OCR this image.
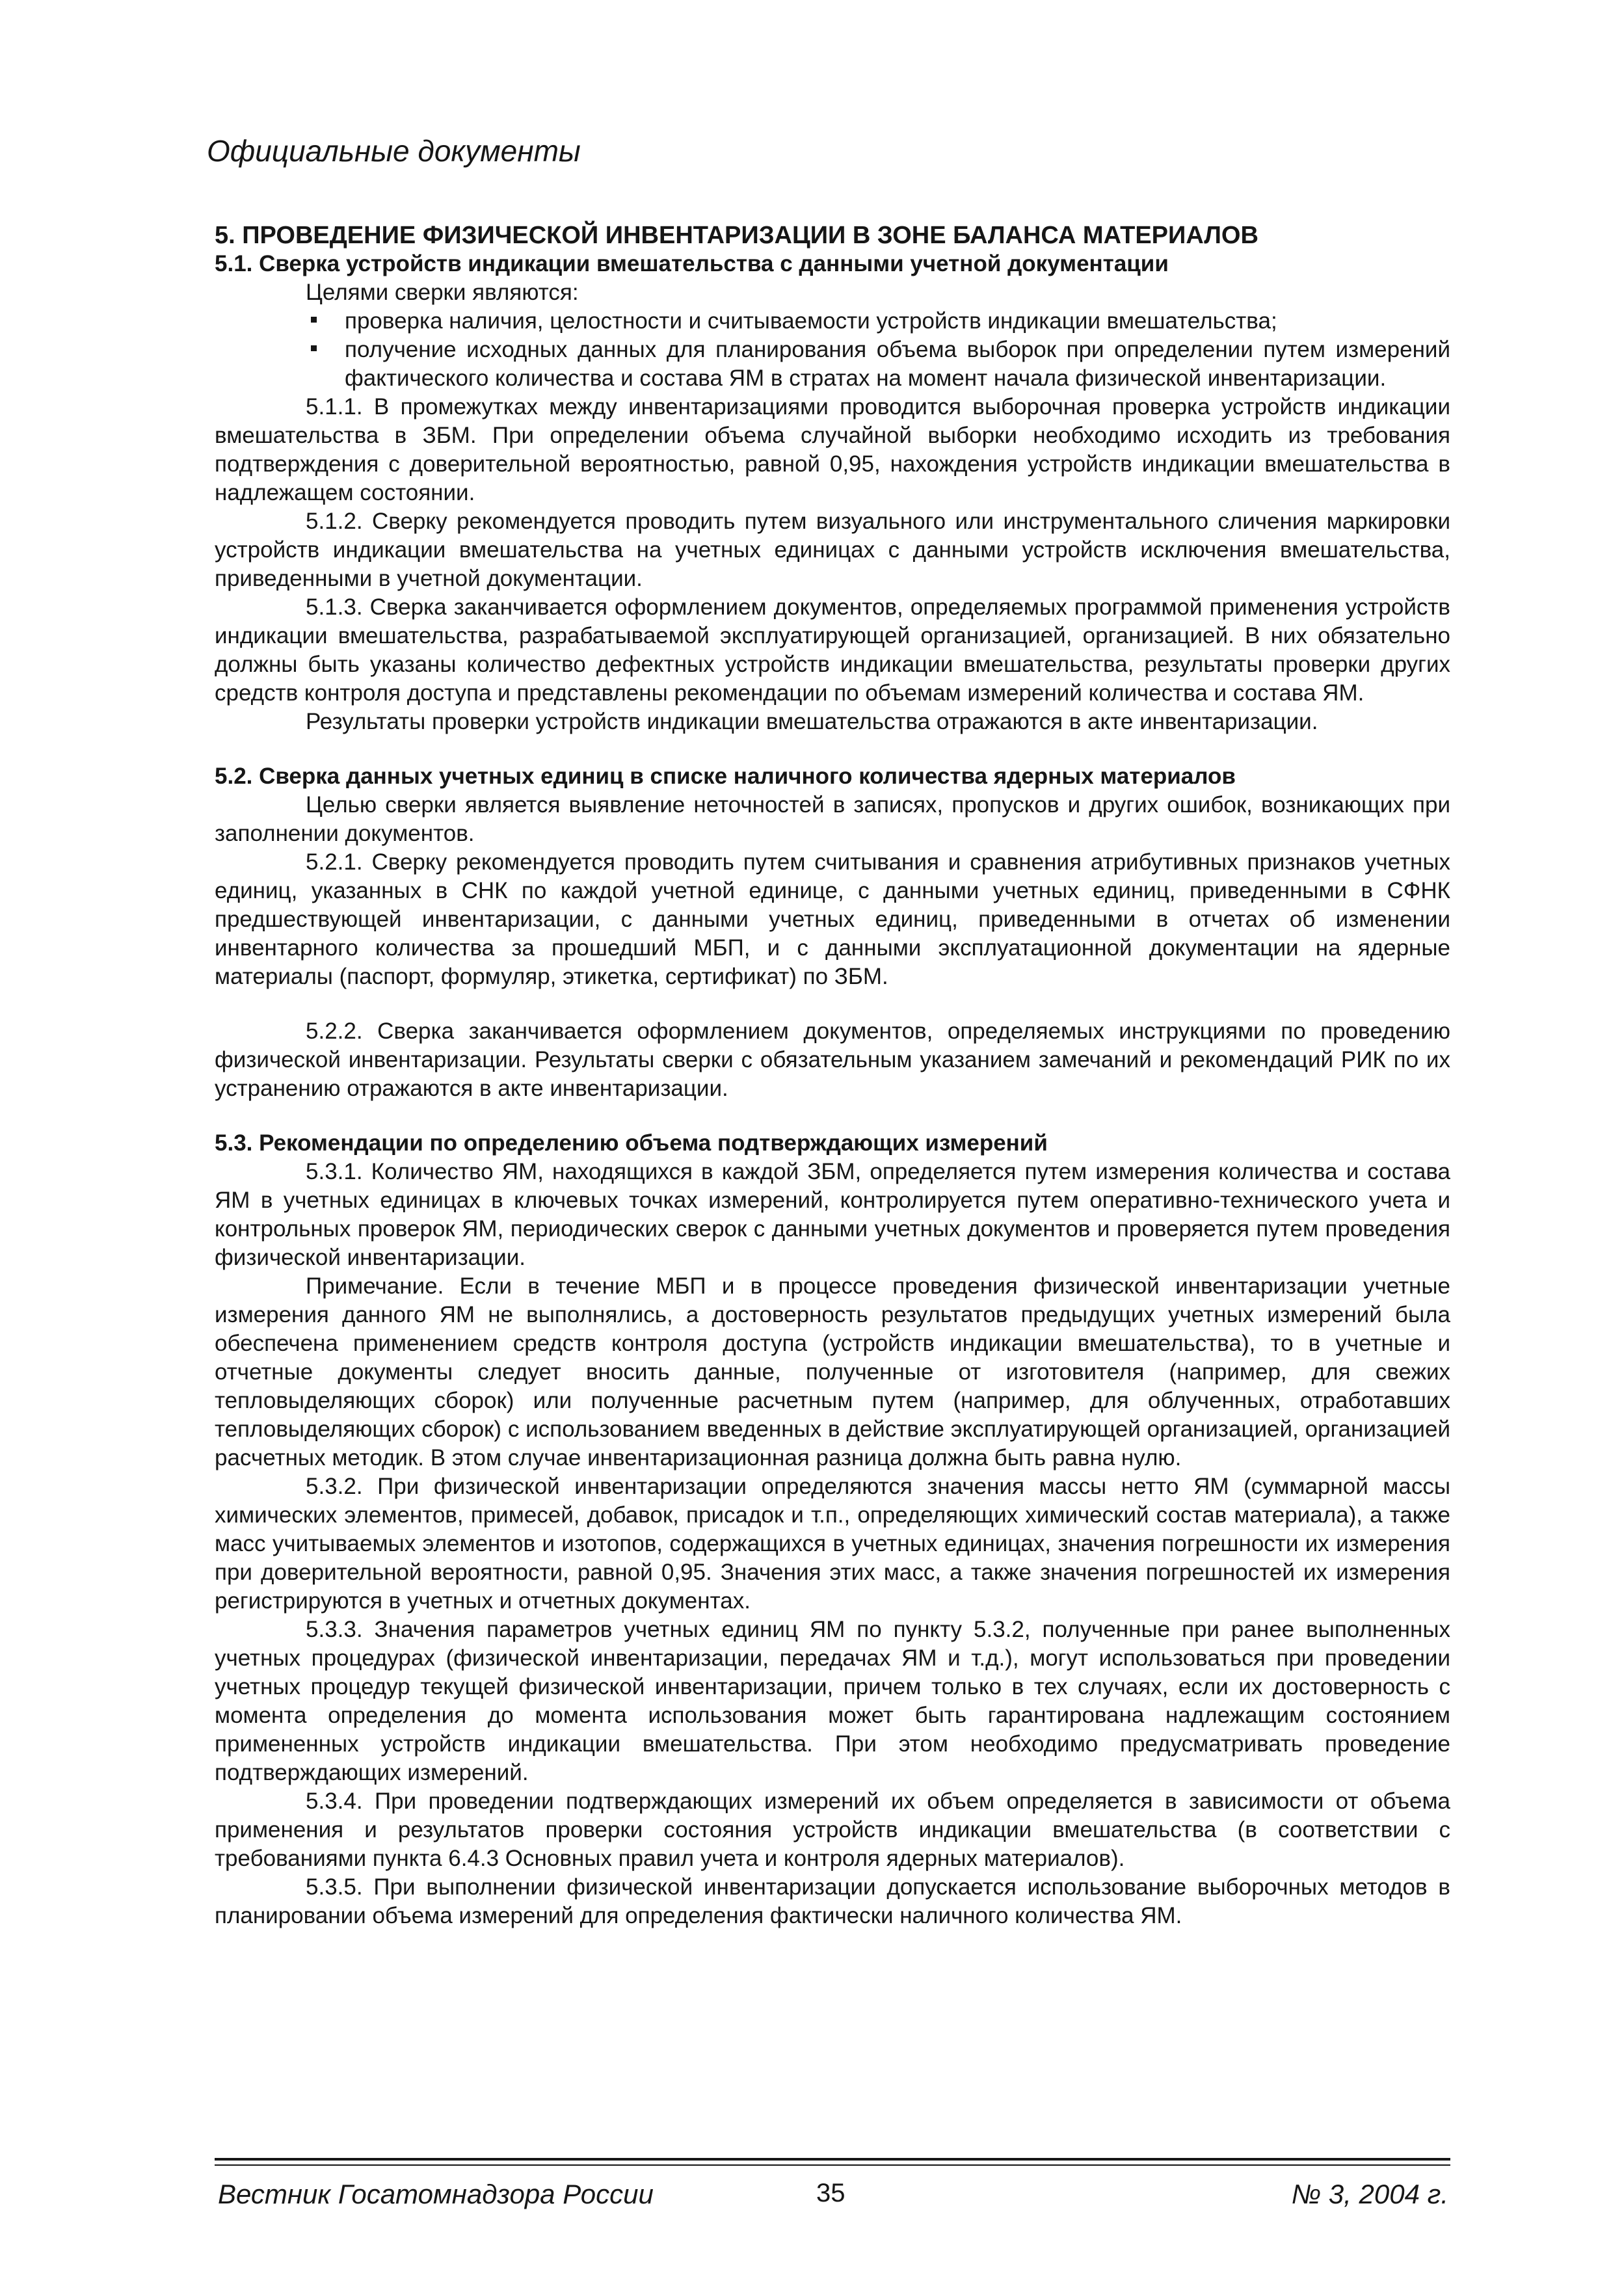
Официальные документы

5. ПРОВЕДЕНИЕ ФИЗИЧЕСКОЙ ИНВЕНТАРИЗАЦИИ В ЗОНЕ БАЛАНСА МАТЕРИАЛОВ

5.1. Сверка устройств индикации вмешательства с данными учетной документации

Целями сверки являются:

проверка наличия, целостности и считываемости устройств индикации вмешательства;
получение исходных данных для планирования объема выборок при определении путем измерений фактического количества и состава ЯМ в стратах на момент начала физической инвентаризации.

5.1.1. В промежутках между инвентаризациями проводится выборочная проверка устройств индикации вмешательства в ЗБМ. При определении объема случайной выборки необходимо исходить из требования подтверждения с доверительной вероятностью, равной 0,95, нахождения устройств индикации вмешательства в надлежащем состоянии.

5.1.2. Сверку рекомендуется проводить путем визуального или инструментального сличения маркировки устройств индикации вмешательства на учетных единицах с данными устройств исключения вмешательства, приведенными в учетной документации.

5.1.3. Сверка заканчивается оформлением документов, определяемых программой применения устройств индикации вмешательства, разрабатываемой эксплуатирующей организацией, организацией. В них обязательно должны быть указаны количество дефектных устройств индикации вмешательства, результаты проверки других средств контроля доступа и представлены рекомендации по объемам измерений количества и состава ЯМ.

Результаты проверки устройств индикации вмешательства отражаются в акте инвентаризации.

5.2. Сверка данных учетных единиц в списке наличного количества ядерных материалов

Целью сверки является выявление неточностей в записях, пропусков и других ошибок, возникающих при заполнении документов.

5.2.1. Сверку рекомендуется проводить путем считывания и сравнения атрибутивных признаков учетных единиц, указанных в СНК по каждой учетной единице, с данными учетных единиц, приведенными в СФНК предшествующей инвентаризации, с данными учетных единиц, приведенными в отчетах об изменении инвентарного количества за прошедший МБП, и с данными эксплуатационной документации на ядерные материалы (паспорт, формуляр, этикетка, сертификат) по ЗБМ.

5.2.2. Сверка заканчивается оформлением документов, определяемых инструкциями по проведению физической инвентаризации. Результаты сверки с обязательным указанием замечаний и рекомендаций РИК по их устранению отражаются в акте инвентаризации.

5.3. Рекомендации по определению объема подтверждающих измерений

5.3.1. Количество ЯМ, находящихся в каждой ЗБМ, определяется путем измерения количества и состава ЯМ в учетных единицах в ключевых точках измерений, контролируется путем оперативно-технического учета и контрольных проверок ЯМ, периодических сверок с данными учетных документов и проверяется путем проведения физической инвентаризации.

Примечание. Если в течение МБП и в процессе проведения физической инвентаризации учетные измерения данного ЯМ не выполнялись, а достоверность результатов предыдущих учетных измерений была обеспечена применением средств контроля доступа (устройств индикации вмешательства), то в учетные и отчетные документы следует вносить данные, полученные от изготовителя (например, для свежих тепловыделяющих сборок) или полученные расчетным путем (например, для облученных, отработавших тепловыделяющих сборок) с использованием введенных в действие эксплуатирующей организацией, организацией расчетных методик. В этом случае инвентаризационная разница должна быть равна нулю.

5.3.2. При физической инвентаризации определяются значения массы нетто ЯМ (суммарной массы химических элементов, примесей, добавок, присадок и т.п., определяющих химический состав материала), а также масс учитываемых элементов и изотопов, содержащихся в учетных единицах, значения погрешности их измерения при доверительной вероятности, равной 0,95. Значения этих масс, а также значения погрешностей их измерения регистрируются в учетных и отчетных документах.

5.3.3. Значения параметров учетных единиц ЯМ по пункту 5.3.2, полученные при ранее выполненных учетных процедурах (физической инвентаризации, передачах ЯМ и т.д.), могут использоваться при проведении учетных процедур текущей физической инвентаризации, причем только в тех случаях, если их достоверность с момента определения до момента использования может быть гарантирована надлежащим состоянием примененных устройств индикации вмешательства. При этом необходимо предусматривать проведение подтверждающих измерений.

5.3.4. При проведении подтверждающих измерений их объем определяется в зависимости от объема применения и результатов проверки состояния устройств индикации вмешательства (в соответствии с требованиями пункта 6.4.3 Основных правил учета и контроля ядерных материалов).

5.3.5. При выполнении физической инвентаризации допускается использование выборочных методов в планировании объема измерений для определения фактически наличного количества ЯМ.

Вестник Госатомнадзора России	35	№ 3, 2004 г.
